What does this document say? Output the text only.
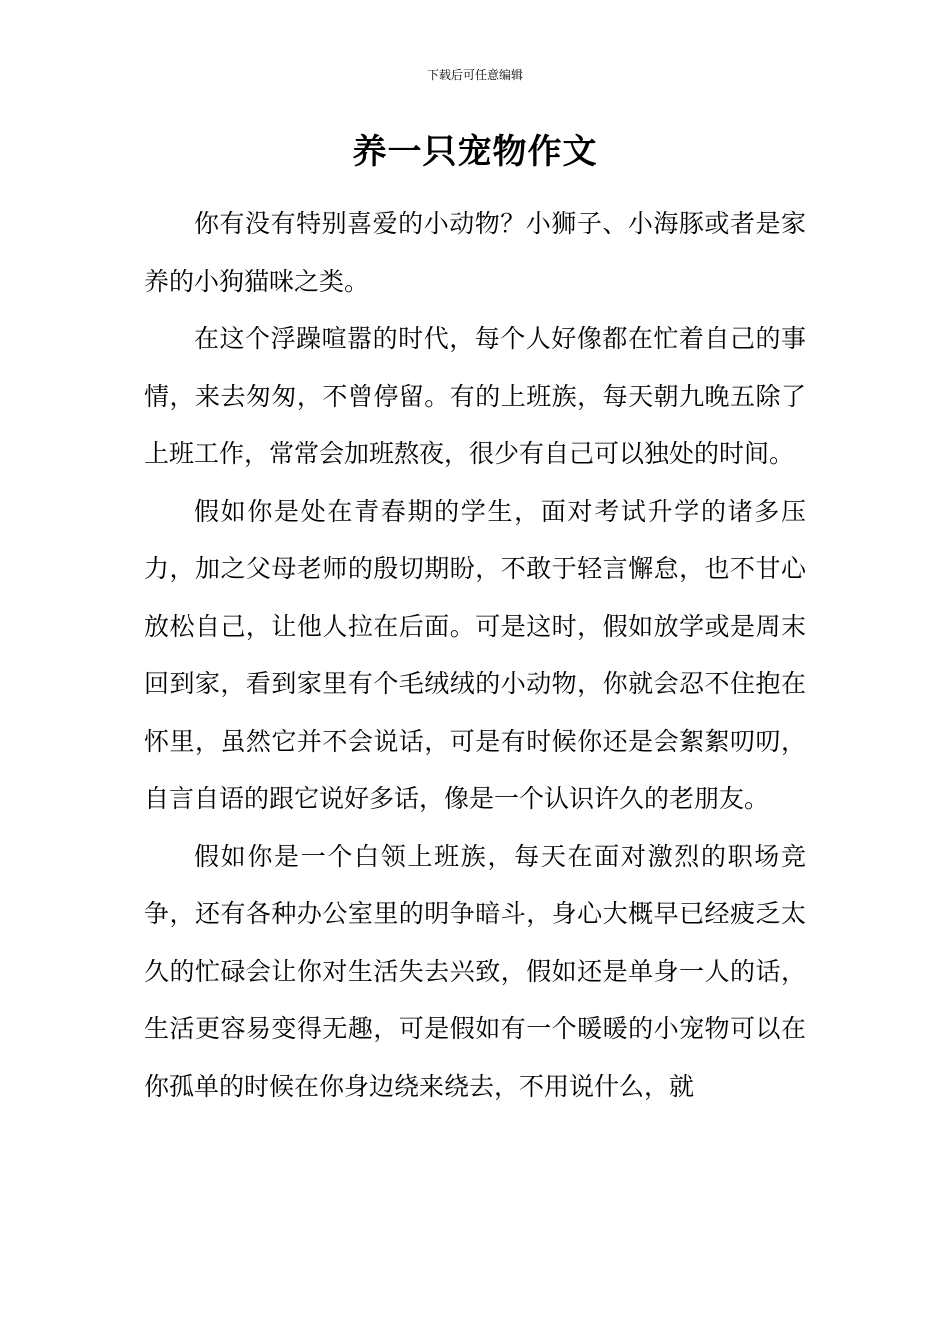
下载后可任意编辑
养一只宠物作文

你有没有特别喜爱的小动物？小狮子、小海豚或者是家养的小狗猫咪之类。

在这个浮躁喧嚣的时代，每个人好像都在忙着自己的事情，来去匆匆，不曾停留。有的上班族，每天朝九晚五除了上班工作，常常会加班熬夜，很少有自己可以独处的时间。

假如你是处在青春期的学生，面对考试升学的诸多压力，加之父母老师的殷切期盼，不敢于轻言懈怠，也不甘心放松自己，让他人拉在后面。可是这时，假如放学或是周末回到家，看到家里有个毛绒绒的小动物，你就会忍不住抱在怀里，虽然它并不会说话，可是有时候你还是会絮絮叨叨，自言自语的跟它说好多话，像是一个认识许久的老朋友。

假如你是一个白领上班族，每天在面对激烈的职场竞争，还有各种办公室里的明争暗斗，身心大概早已经疲乏太久的忙碌会让你对生活失去兴致，假如还是单身一人的话，生活更容易变得无趣，可是假如有一个暖暖的小宠物可以在你孤单的时候在你身边绕来绕去，不用说什么，就
